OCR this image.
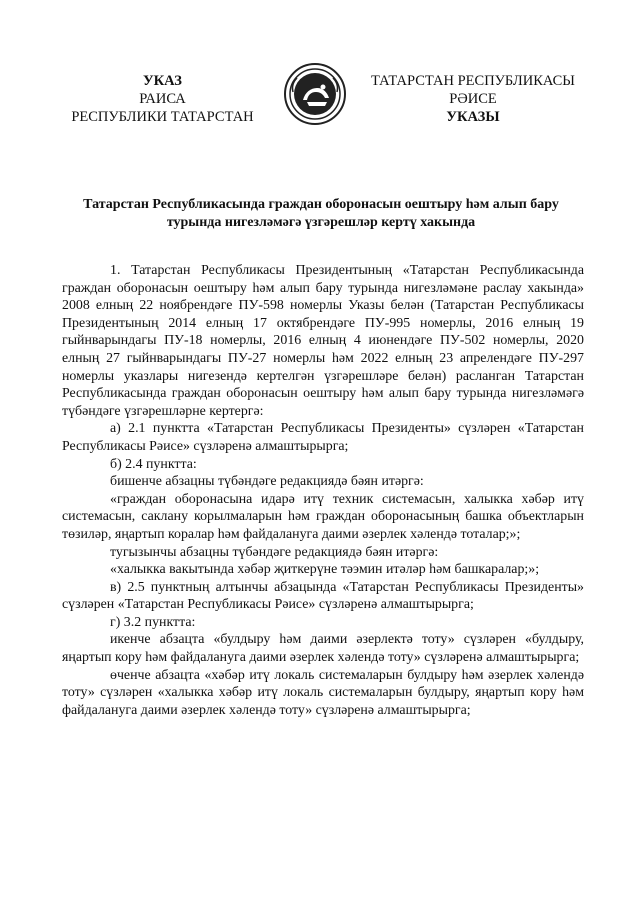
УКАЗ
РАИСА
РЕСПУБЛИКИ ТАТАРСТАН
ТАТАРСТАН РЕСПУБЛИКАСЫ
РӘИСЕ
УКАЗЫ
Татарстан Республикасында граждан оборонасын оештыру һәм алып бару турында нигезләмәгә үзгәрешләр кертү хакында

1. Татарстан Республикасы Президентының «Татарстан Республикасында граждан оборонасын оештыру һәм алып бару турында нигезләмәне раслау хакында» 2008 елның 22 ноябрендәге ПУ-598 номерлы Указы белән (Татарстан Республикасы Президентының 2014 елның 17 октябрендәге ПУ-995 номерлы, 2016 елның 19 гыйнварындагы ПУ-18 номерлы, 2016 елның 4 июнендәге ПУ-502 номерлы, 2020 елның 27 гыйнварындагы ПУ-27 номерлы һәм 2022 елның 23 апрелендәге ПУ-297 номерлы указлары нигезендә кертелгән үзгәрешләре белән) расланган Татарстан Республикасында граждан оборонасын оештыру һәм алып бару турында нигезләмәгә түбәндәге үзгәрешләрне кертергә:

а) 2.1 пунктта «Татарстан Республикасы Президенты» сүзләрен «Татарстан Республикасы Рәисе» сүзләренә алмаштырырга;

б) 2.4 пунктта:

бишенче абзацны түбәндәге редакциядә бәян итәргә:

«граждан оборонасына идарә итү техник системасын, халыкка хәбәр итү системасын, саклану корылмаларын һәм граждан оборонасының башка объектларын төзиләр, яңартып коралар һәм файдалануга даими әзерлек хәлендә тоталар;»;

тугызынчы абзацны түбәндәге редакциядә бәян итәргә:

«халыкка вакытында хәбәр җиткерүне тәэмин итәләр һәм башкаралар;»;

в) 2.5 пунктның алтынчы абзацында «Татарстан Республикасы Президенты» сүзләрен «Татарстан Республикасы Рәисе» сүзләренә алмаштырырга;

г) 3.2 пунктта:

икенче абзацта «булдыру һәм даими әзерлектә тоту» сүзләрен «булдыру, яңартып кору һәм файдалануга даими әзерлек хәлендә тоту» сүзләренә алмаштырырга;

өченче абзацта «хәбәр итү локаль системаларын булдыру һәм әзерлек хәлендә тоту» сүзләрен «халыкка хәбәр итү локаль системаларын булдыру, яңартып кору һәм файдалануга даими әзерлек хәлендә тоту» сүзләренә алмаштырырга;
